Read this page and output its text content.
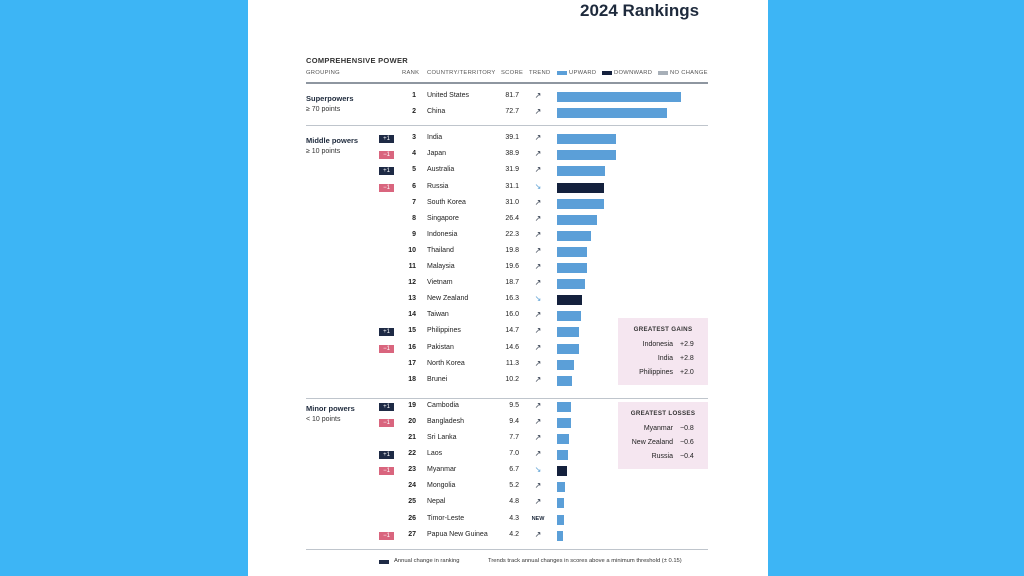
2024 Rankings
COMPREHENSIVE POWER
GROUPING	RANK COUNTRY/TERRITORY SCORE TREND	UPWARD	DOWNWARD	NO CHANGE
Superpowers
≥ 70 points
Middle powers
≥ 10 points
Minor powers
< 10 points
1 United States	81.7	↗
2 China	72.7	↗
+1	3 India	39.1	↗
−1	4 Japan	38.9	↗
+1	5 Australia	31.9	↗
−1	6 Russia	31.1	↘
7 South Korea	31.0	↗
8 Singapore	26.4	↗
9 Indonesia	22.3	↗
10 Thailand	19.8	↗
11 Malaysia	19.6	↗
12 Vietnam	18.7	↗
13 New Zealand	16.3	↘
14 Taiwan	16.0	↗
+1	15 Philippines	14.7	↗
−1	16 Pakistan	14.6	↗
17 North Korea	11.3	↗
18 Brunei	10.2	↗
+1	19 Cambodia	9.5	↗
−1	20 Bangladesh	9.4	↗
21 Sri Lanka	7.7	↗
+1	22 Laos	7.0	↗
−1	23 Myanmar	6.7	↘
24 Mongolia	5.2	↗
25 Nepal	4.8	↗
26 Timor-Leste	4.3 NEW
−1	27 Papua New Guinea	4.2	↗
GREATEST GAINS
Indonesia +2.9
India +2.8
Philippines +2.0
GREATEST LOSSES
Myanmar −0.8
New Zealand −0.6
Russia −0.4
Annual change in ranking	Trends track annual changes in scores above a minimum threshold (± 0.15)
